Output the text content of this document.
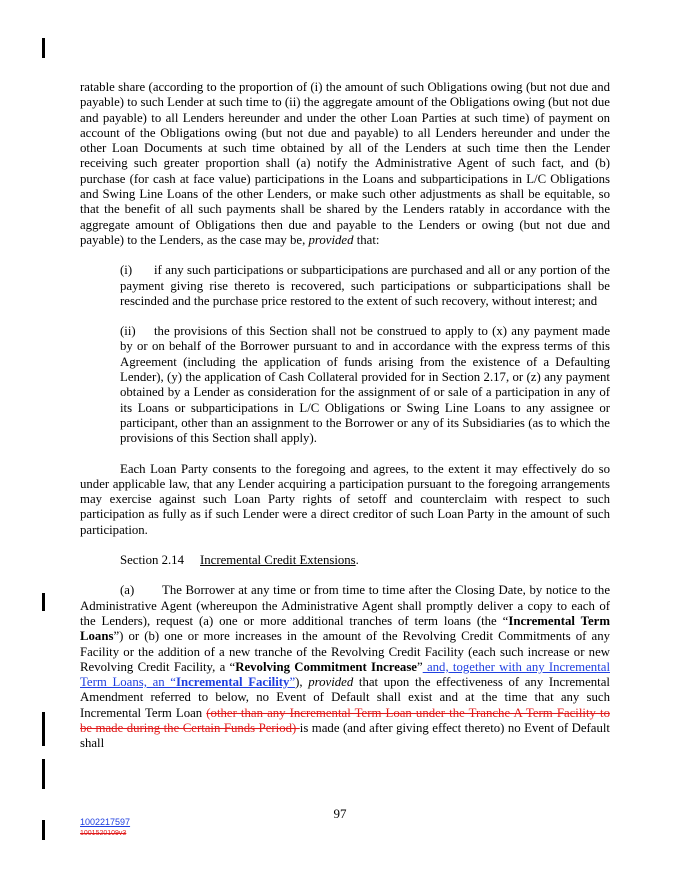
ratable share (according to the proportion of (i) the amount of such Obligations owing (but not due and payable) to such Lender at such time to (ii) the aggregate amount of the Obligations owing (but not due and payable) to all Lenders hereunder and under the other Loan Parties at such time) of payment on account of the Obligations owing (but not due and payable) to all Lenders hereunder and under the other Loan Documents at such time obtained by all of the Lenders at such time then the Lender receiving such greater proportion shall (a) notify the Administrative Agent of such fact, and (b) purchase (for cash at face value) participations in the Loans and subparticipations in L/C Obligations and Swing Line Loans of the other Lenders, or make such other adjustments as shall be equitable, so that the benefit of all such payments shall be shared by the Lenders ratably in accordance with the aggregate amount of Obligations then due and payable to the Lenders or owing (but not due and payable) to the Lenders, as the case may be, provided that:

(i) if any such participations or subparticipations are purchased and all or any portion of the payment giving rise thereto is recovered, such participations or subparticipations shall be rescinded and the purchase price restored to the extent of such recovery, without interest; and

(ii) the provisions of this Section shall not be construed to apply to (x) any payment made by or on behalf of the Borrower pursuant to and in accordance with the express terms of this Agreement (including the application of funds arising from the existence of a Defaulting Lender), (y) the application of Cash Collateral provided for in Section 2.17, or (z) any payment obtained by a Lender as consideration for the assignment of or sale of a participation in any of its Loans or subparticipations in L/C Obligations or Swing Line Loans to any assignee or participant, other than an assignment to the Borrower or any of its Subsidiaries (as to which the provisions of this Section shall apply).

Each Loan Party consents to the foregoing and agrees, to the extent it may effectively do so under applicable law, that any Lender acquiring a participation pursuant to the foregoing arrangements may exercise against such Loan Party rights of setoff and counterclaim with respect to such participation as fully as if such Lender were a direct creditor of such Loan Party in the amount of such participation.

Section 2.14 Incremental Credit Extensions.

(a) The Borrower at any time or from time to time after the Closing Date, by notice to the Administrative Agent (whereupon the Administrative Agent shall promptly deliver a copy to each of the Lenders), request (a) one or more additional tranches of term loans (the “Incremental Term Loans”) or (b) one or more increases in the amount of the Revolving Credit Commitments of any Facility or the addition of a new tranche of the Revolving Credit Facility (each such increase or new Revolving Credit Facility, a “Revolving Commitment Increase” and, together with any Incremental Term Loans, an “Incremental Facility”), provided that upon the effectiveness of any Incremental Amendment referred to below, no Event of Default shall exist and at the time that any such Incremental Term Loan (other than any Incremental Term Loan under the Tranche A Term Facility to be made during the Certain Funds Period) is made (and after giving effect thereto) no Event of Default shall

97
1002217597
1001520109v3
